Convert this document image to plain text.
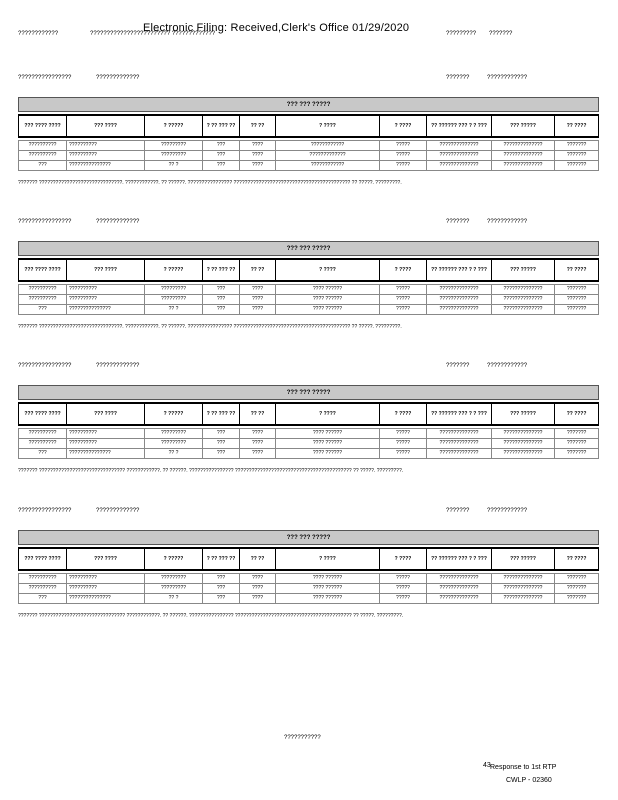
????????????	???????????????????????? ?????????????
Electronic Filing: Received,Clerk's Office 01/29/2020	????????? ???????
????????????????	?????????????	???????	????????????
??? ??? ?????									

??? ???? ????	??? ????	? ?????	? ?? ??? ??	?? ??	? ????	? ????	?? ?????? ??? ? ? ???	??? ?????	?? ????

??????????	??????????	?????????	???	????	????????????	?????	??????????????	??????????????	???????
??????????	??????????	?????????	???	????	?????????????	?????	??????????????	??????????????	???????
???	???????????????	?? ?	???	????	????????????	?????	??????????????	??????????????	???????
??????? ??????????????????????????????. ????????????. ?? ??????. ???????????????? ?????????????????????????????????????????? ?? ?????. ?????????.
????????????????	?????????????	???????	????????????
??? ??? ?????									

??? ???? ????	??? ????	? ?????	? ?? ??? ??	?? ??	? ????	? ????	?? ?????? ??? ? ? ???	??? ?????	?? ????

??????????	??????????	?????????	???	????	???? ??????	?????	??????????????	??????????????	???????
??????????	??????????	?????????	???	????	???? ??????	?????	??????????????	??????????????	???????
???	???????????????	?? ?	???	????	???? ??????	?????	??????????????	??????????????	???????
??????? ??????????????????????????????. ????????????. ?? ??????. ???????????????? ?????????????????????????????????????????? ?? ?????. ?????????.
????????????????	?????????????	???????	????????????
??? ??? ?????									

??? ???? ????	??? ????	? ?????	? ?? ??? ??	?? ??	? ????	? ????	?? ?????? ??? ? ? ???	??? ?????	?? ????

??????????	??????????	?????????	???	????	???? ??????	?????	??????????????	??????????????	???????
??????????	??????????	?????????	???	????	???? ??????	?????	??????????????	??????????????	???????
???	???????????????	?? ?	???	????	???? ??????	?????	??????????????	??????????????	???????
??????? ??????????????????????????????? ????????????. ?? ??????. ???????????????? ?????????????????????????????????????????? ?? ?????. ?????????.
????????????????	?????????????	???????	????????????
??? ??? ?????									

??? ???? ????	??? ????	? ?????	? ?? ??? ??	?? ??	? ????	? ????	?? ?????? ??? ? ? ???	??? ?????	?? ????

??????????	??????????	?????????	???	????	???? ??????	?????	??????????????	??????????????	???????
??????????	??????????	?????????	???	????	???? ??????	?????	??????????????	??????????????	???????
???	???????????????	?? ?	???	????	???? ??????	?????	??????????????	??????????????	???????
??????? ??????????????????????????????? ????????????. ?? ??????. ???????????????? ?????????????????????????????????????????? ?? ?????. ?????????.
???????????
43 Response to 1st RTP
CWLP - 02360
